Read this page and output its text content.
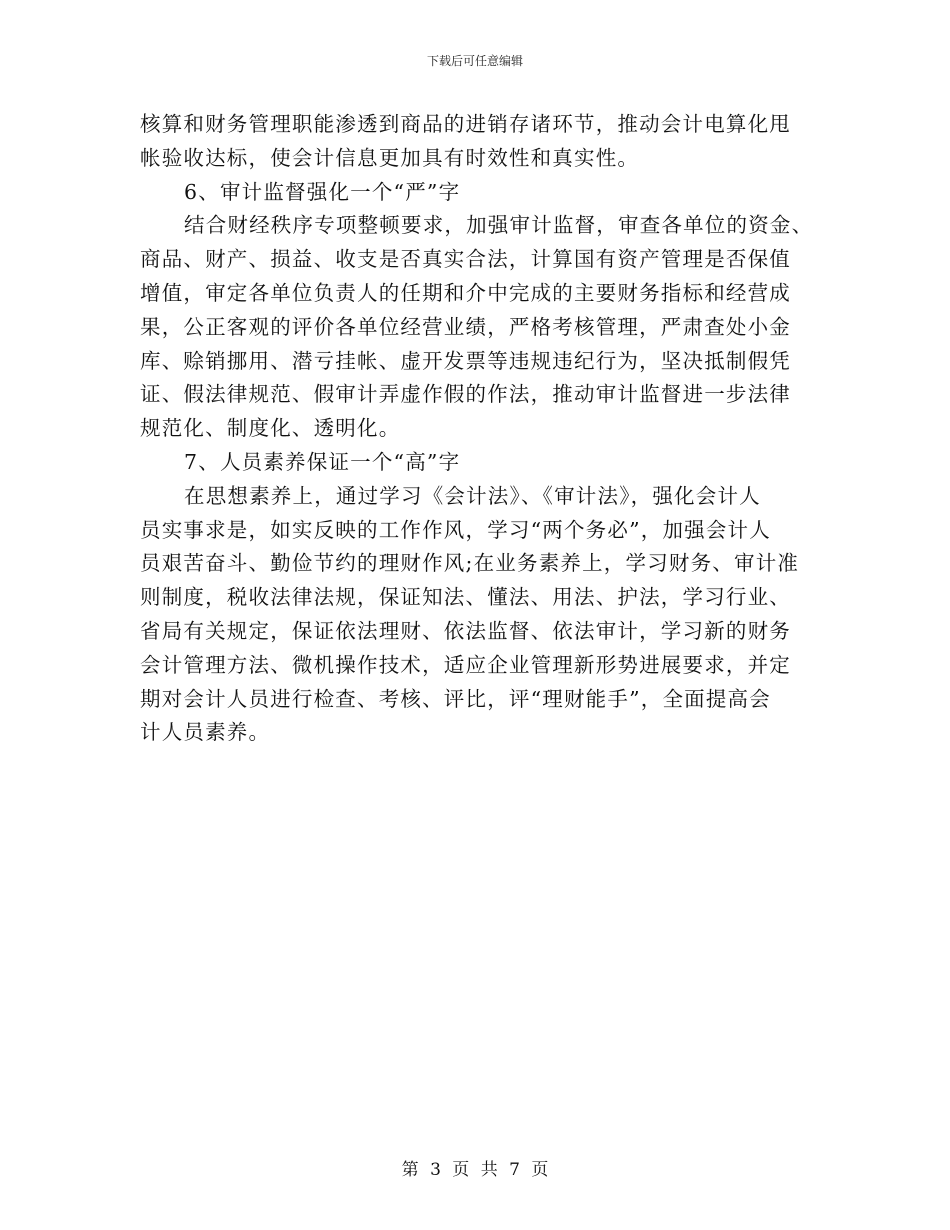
下载后可任意编辑
核算和财务管理职能渗透到商品的进销存诸环节，推动会计电算化甩
帐验收达标，使会计信息更加具有时效性和真实性。
6、审计监督强化一个“严”字
结合财经秩序专项整顿要求，加强审计监督，审查各单位的资金、
商品、财产、损益、收支是否真实合法，计算国有资产管理是否保值
增值，审定各单位负责人的任期和介中完成的主要财务指标和经营成
果，公正客观的评价各单位经营业绩，严格考核管理，严肃查处小金
库、赊销挪用、潜亏挂帐、虚开发票等违规违纪行为，坚决抵制假凭
证、假法律规范、假审计弄虚作假的作法，推动审计监督进一步法律
规范化、制度化、透明化。
7、人员素养保证一个“高”字
在思想素养上，通过学习《会计法》、《审计法》，强化会计人
员实事求是，如实反映的工作作风，学习“两个务必”，加强会计人
员艰苦奋斗、勤俭节约的理财作风;在业务素养上，学习财务、审计准
则制度，税收法律法规，保证知法、懂法、用法、护法，学习行业、
省局有关规定，保证依法理财、依法监督、依法审计，学习新的财务
会计管理方法、微机操作技术，适应企业管理新形势进展要求，并定
期对会计人员进行检查、考核、评比，评“理财能手”，全面提高会
计人员素养。
第 3 页 共 7 页
